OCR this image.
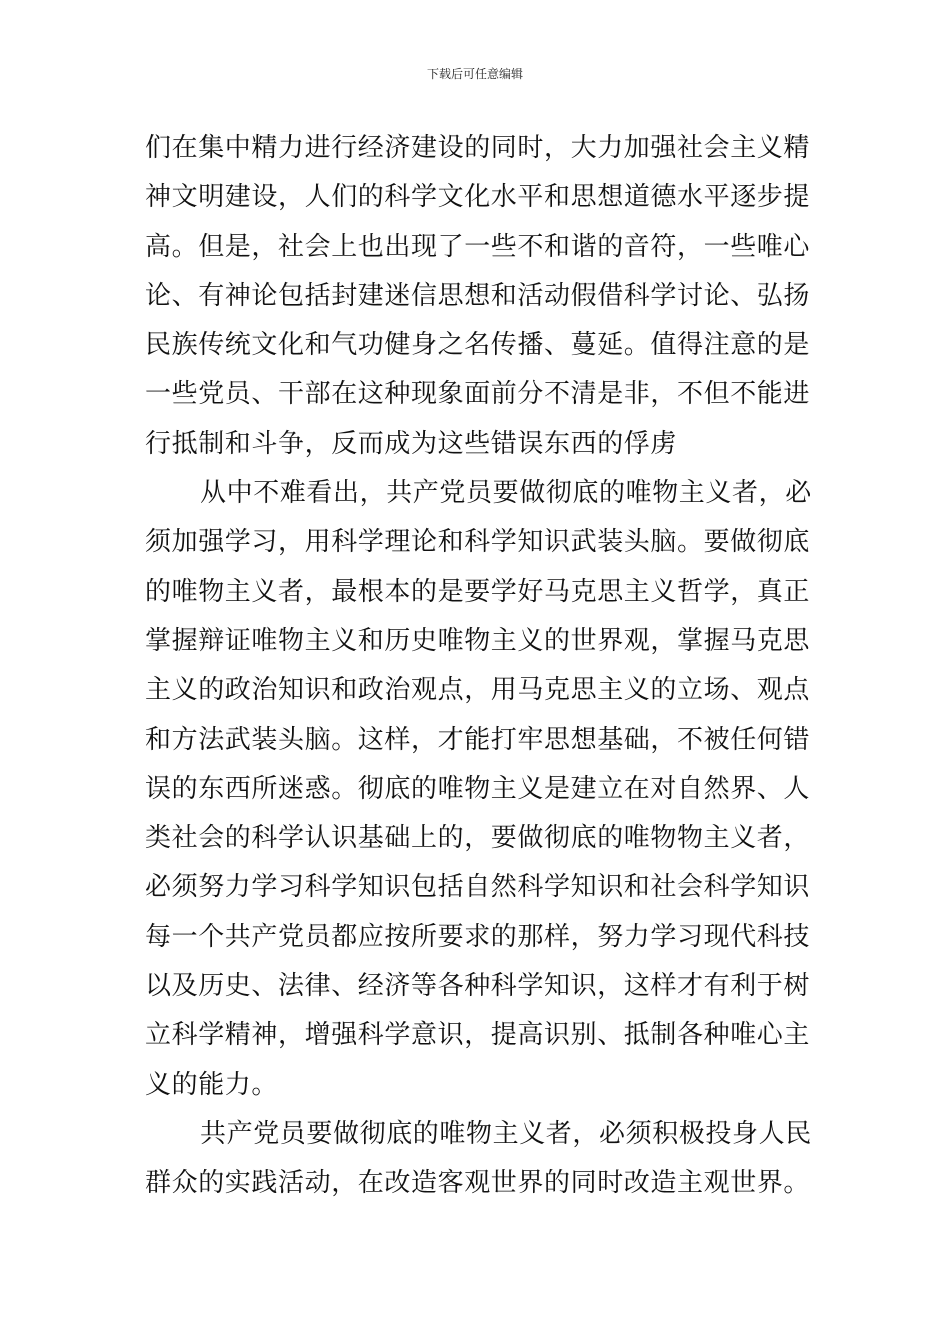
下载后可任意编辑
们在集中精力进行经济建设的同时，大力加强社会主义精
神文明建设，人们的科学文化水平和思想道德水平逐步提
高。但是，社会上也出现了一些不和谐的音符，一些唯心
论、有神论包括封建迷信思想和活动假借科学讨论、弘扬
民族传统文化和气功健身之名传播、蔓延。值得注意的是
一些党员、干部在这种现象面前分不清是非，不但不能进
行抵制和斗争，反而成为这些错误东西的俘虏
从中不难看出，共产党员要做彻底的唯物主义者，必
须加强学习，用科学理论和科学知识武装头脑。要做彻底
的唯物主义者，最根本的是要学好马克思主义哲学，真正
掌握辩证唯物主义和历史唯物主义的世界观，掌握马克思
主义的政治知识和政治观点，用马克思主义的立场、观点
和方法武装头脑。这样，才能打牢思想基础，不被任何错
误的东西所迷惑。彻底的唯物主义是建立在对自然界、人
类社会的科学认识基础上的，要做彻底的唯物物主义者，
必须努力学习科学知识包括自然科学知识和社会科学知识
每一个共产党员都应按所要求的那样，努力学习现代科技
以及历史、法律、经济等各种科学知识，这样才有利于树
立科学精神，增强科学意识，提高识别、抵制各种唯心主
义的能力。
共产党员要做彻底的唯物主义者，必须积极投身人民
群众的实践活动，在改造客观世界的同时改造主观世界。
